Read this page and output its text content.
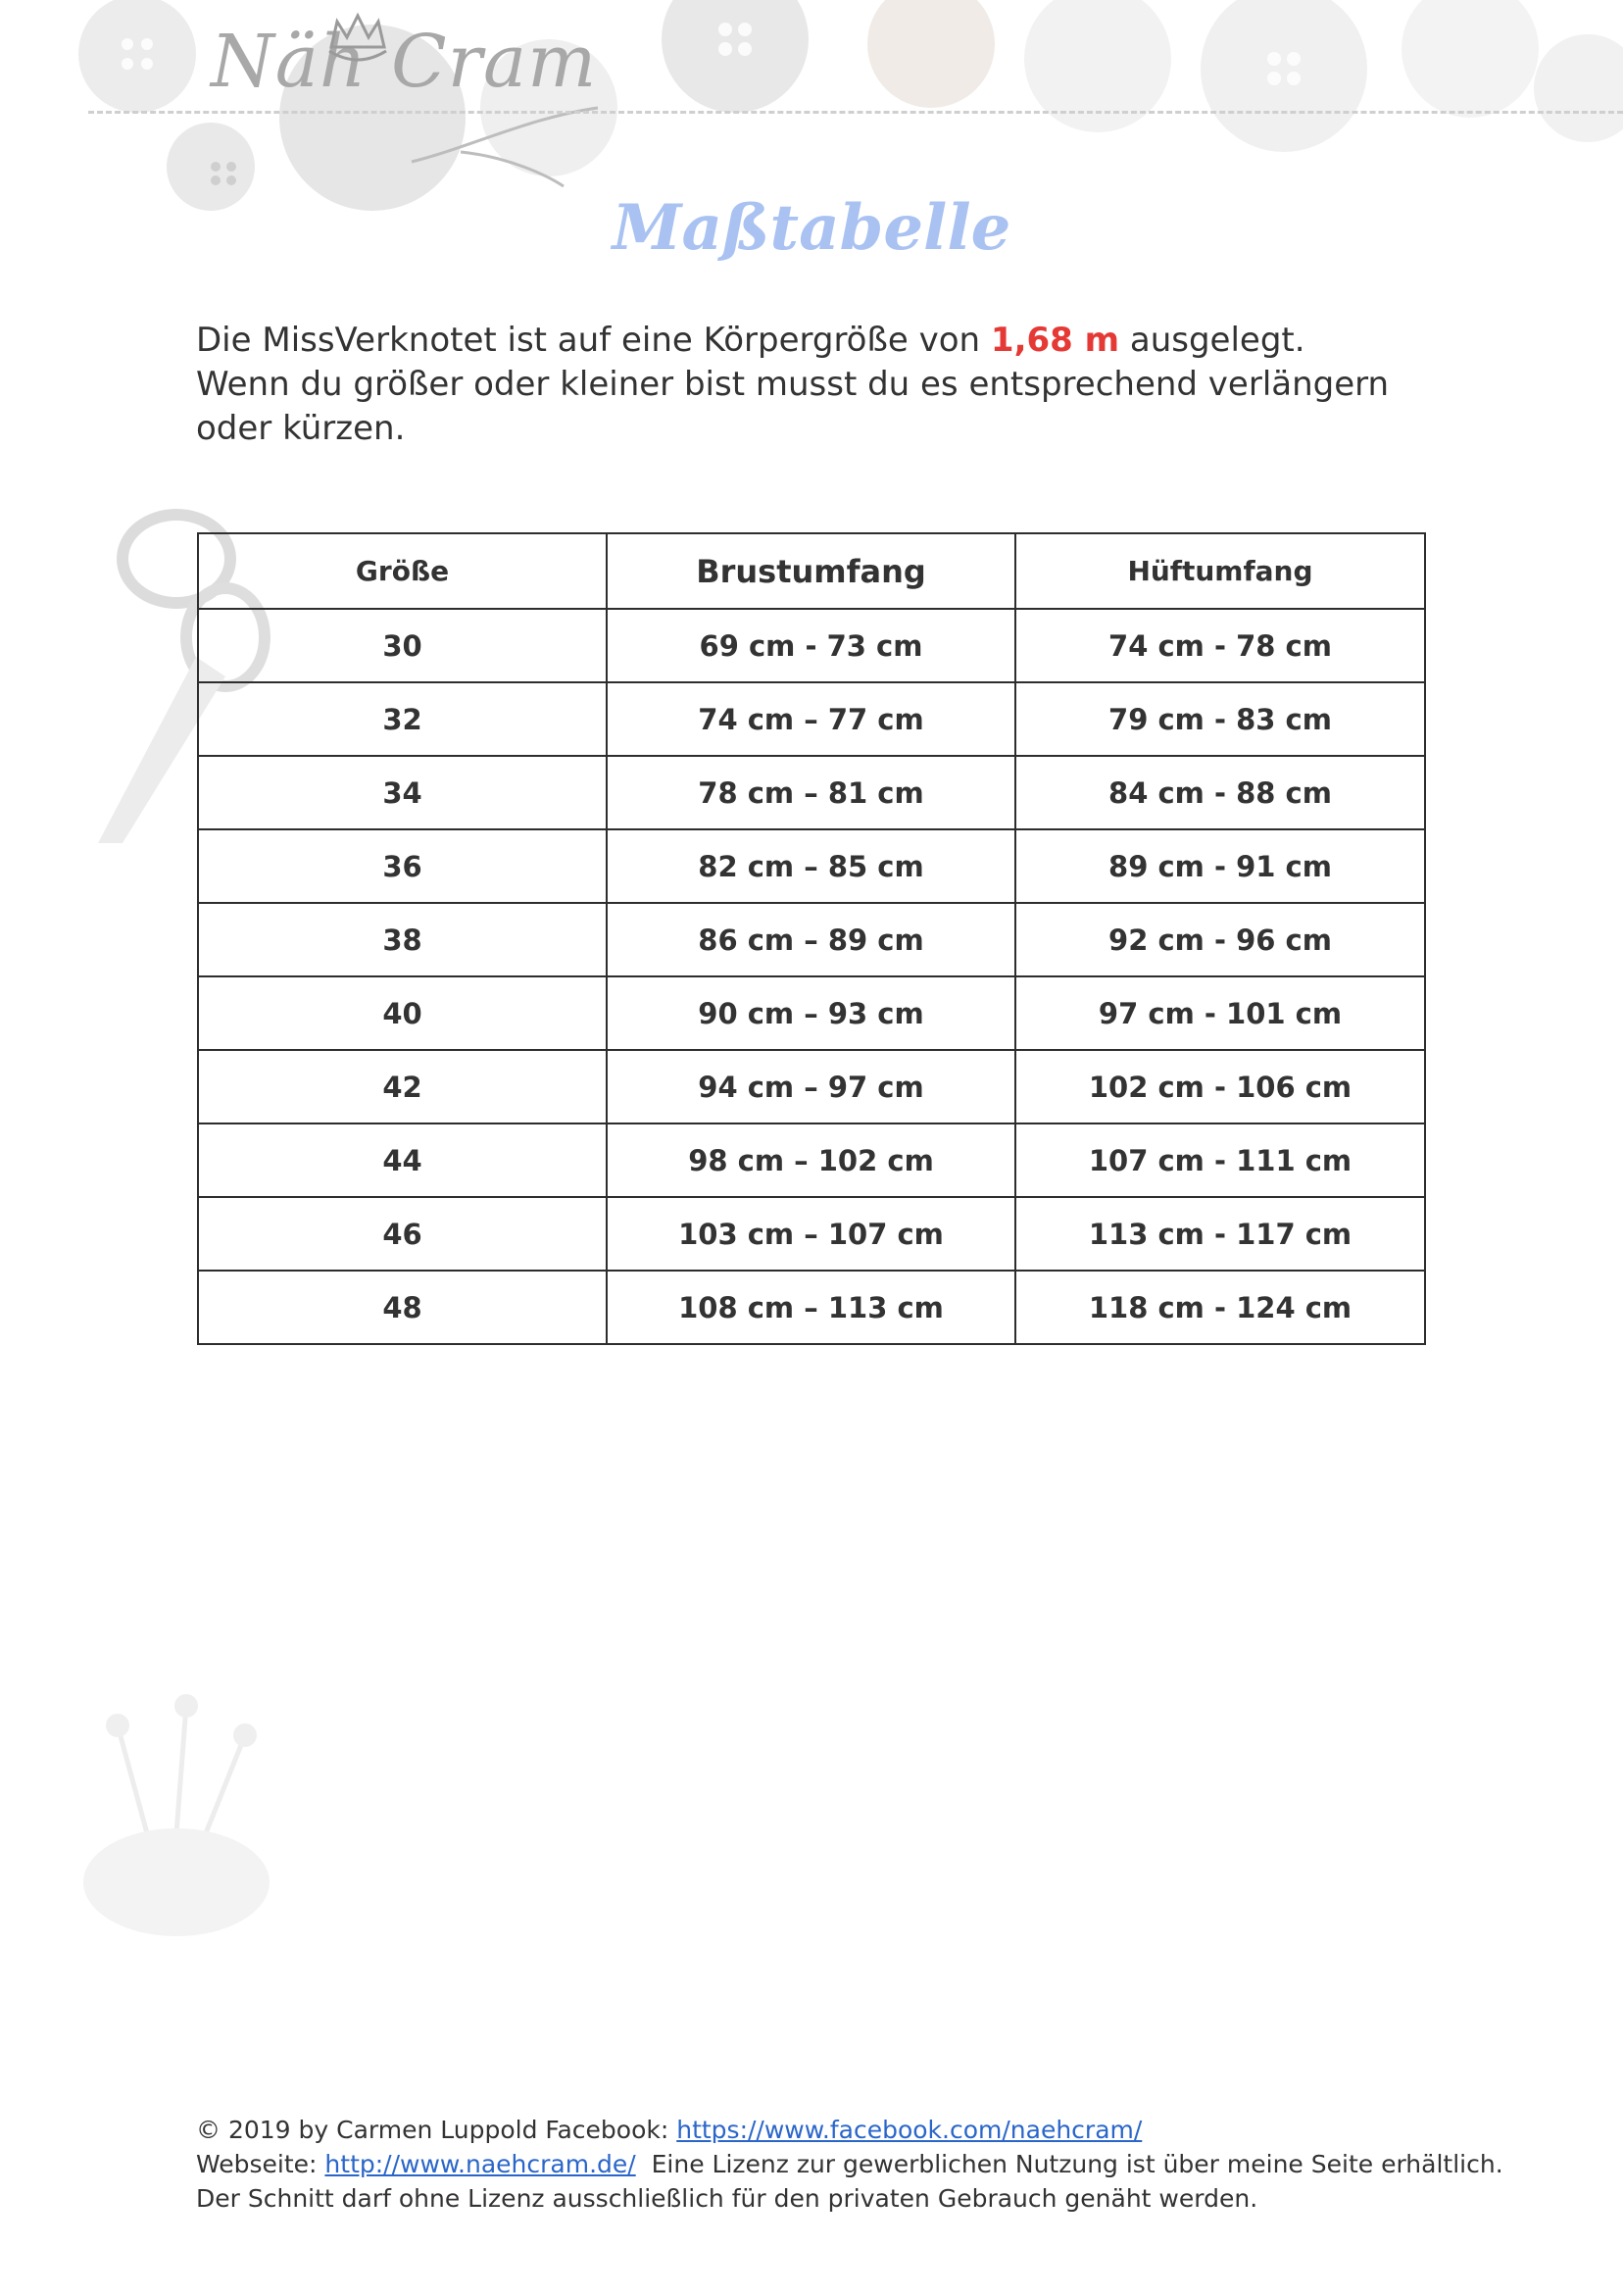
Näh Cram
Maßtabelle
Die MissVerknotet ist auf eine Körpergröße von 1,68 m ausgelegt.
Wenn du größer oder kleiner bist musst du es entsprechend verlängern oder kürzen.
Größe	Brustumfang	Hüftumfang
30	69 cm - 73 cm	74 cm - 78 cm
32	74 cm – 77 cm	79 cm - 83 cm
34	78 cm – 81 cm	84 cm - 88 cm
36	82 cm – 85 cm	89 cm - 91 cm
38	86 cm – 89 cm	92 cm - 96 cm
40	90 cm – 93 cm	97 cm - 101 cm
42	94 cm – 97 cm	102 cm - 106 cm
44	98 cm – 102 cm	107 cm - 111 cm
46	103 cm – 107 cm	113 cm - 117 cm
48	108 cm – 113 cm	118 cm - 124 cm
© 2019 by Carmen Luppold Facebook: https://www.facebook.com/naehcram/
Webseite: http://www.naehcram.de/  Eine Lizenz zur gewerblichen Nutzung ist über meine Seite erhältlich.
Der Schnitt darf ohne Lizenz ausschließlich für den privaten Gebrauch genäht werden.
